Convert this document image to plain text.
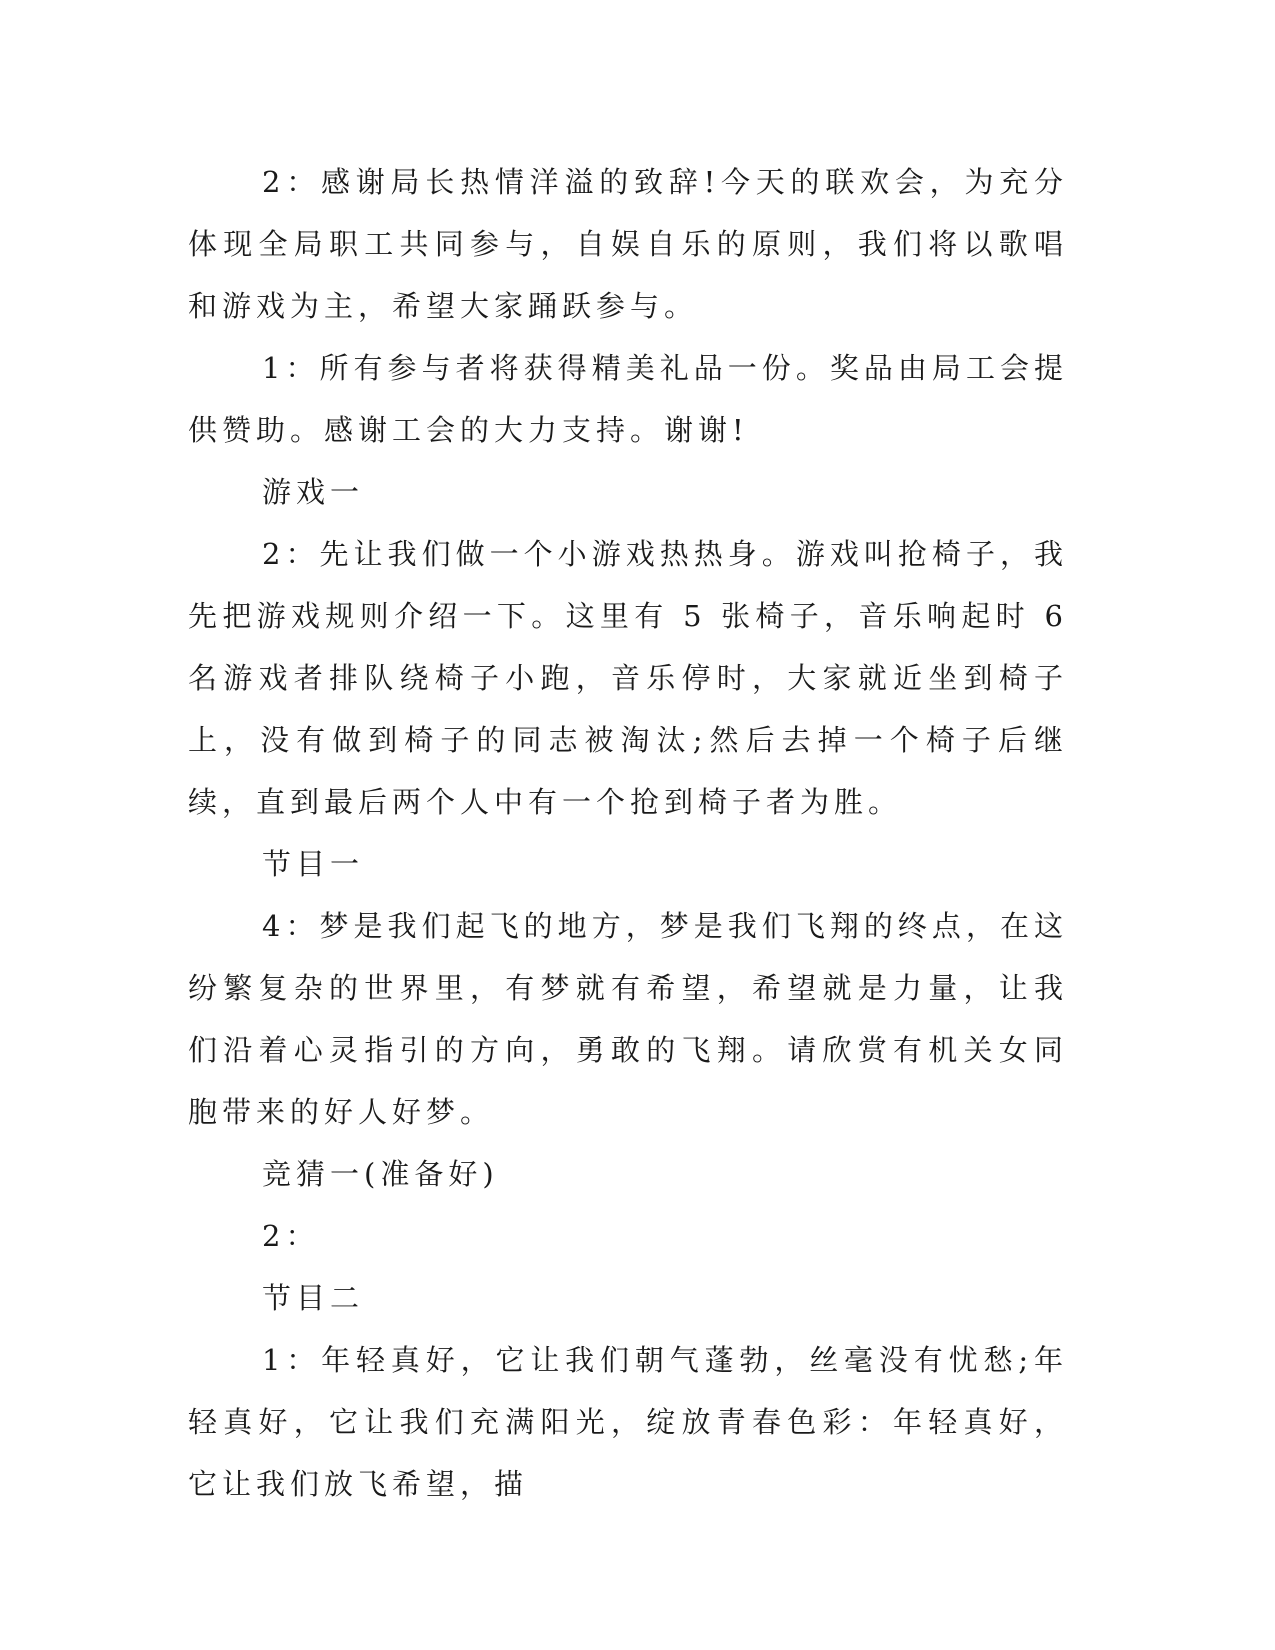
2：感谢局长热情洋溢的致辞!今天的联欢会，为充分体现全局职工共同参与，自娱自乐的原则，我们将以歌唱和游戏为主，希望大家踊跃参与。

1：所有参与者将获得精美礼品一份。奖品由局工会提供赞助。感谢工会的大力支持。谢谢!

游戏一

2：先让我们做一个小游戏热热身。游戏叫抢椅子，我先把游戏规则介绍一下。这里有 5 张椅子，音乐响起时 6 名游戏者排队绕椅子小跑，音乐停时，大家就近坐到椅子上，没有做到椅子的同志被淘汰;然后去掉一个椅子后继续，直到最后两个人中有一个抢到椅子者为胜。

节目一

4：梦是我们起飞的地方，梦是我们飞翔的终点，在这纷繁复杂的世界里，有梦就有希望，希望就是力量，让我们沿着心灵指引的方向，勇敢的飞翔。请欣赏有机关女同胞带来的好人好梦。

竞猜一(准备好)

2：

节目二

1：年轻真好，它让我们朝气蓬勃，丝毫没有忧愁;年轻真好，它让我们充满阳光，绽放青春色彩：年轻真好，它让我们放飞希望，描
